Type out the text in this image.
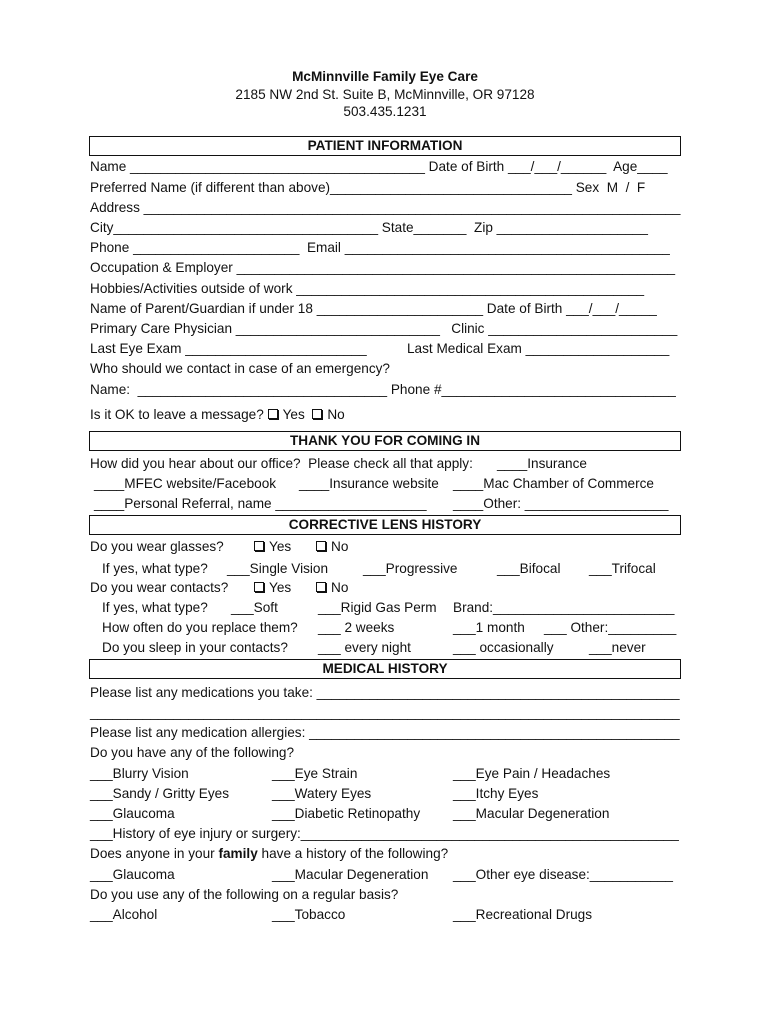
McMinnville Family Eye Care
2185 NW 2nd St. Suite B, McMinnville, OR 97128
503.435.1231
PATIENT INFORMATION
Name _______________________________________ Date of Birth ___/___/______  Age____
Preferred Name (if different than above)________________________________ Sex  M  /  F
Address _______________________________________________________________________
City___________________________________ State_______  Zip ____________________
Phone ______________________  Email ___________________________________________
Occupation & Employer __________________________________________________________
Hobbies/Activities outside of work ______________________________________________
Name of Parent/Guardian if under 18 ______________________ Date of Birth ___/___/_____
Primary Care Physician ___________________________   Clinic _________________________
Last Eye Exam ________________________	Last Medical Exam ___________________
Who should we contact in case of an emergency?
Name:  _________________________________ Phone #_______________________________
Is it OK to leave a message? Yes No
THANK YOU FOR COMING IN
How did you hear about our office?  Please check all that apply: ____Insurance
____MFEC website/Facebook ____Insurance website ____Mac Chamber of Commerce
____Personal Referral, name ____________________ ____Other: ___________________
CORRECTIVE LENS HISTORY
Do you wear glasses?	Yes	No
If yes, what type? ___Single Vision	___Progressive	___Bifocal ___Trifocal
Do you wear contacts?	Yes	No
If yes, what type? ___Soft	___Rigid Gas Perm Brand:________________________
How often do you replace them? ___ 2 weeks	___1 month ___ Other:_________
Do you sleep in your contacts? ___ every night	___ occasionally	___never
MEDICAL HISTORY
Please list any medications you take: ________________________________________________
______________________________________________________________________________
Please list any medication allergies: _________________________________________________
Do you have any of the following?
___Blurry Vision	___Eye Strain	___Eye Pain / Headaches
___Sandy / Gritty Eyes	___Watery Eyes	___Itchy Eyes
___Glaucoma	___Diabetic Retinopathy ___Macular Degeneration
___History of eye injury or surgery:__________________________________________________
Does anyone in your family have a history of the following?
___Glaucoma	___Macular Degeneration ___Other eye disease:___________
Do you use any of the following on a regular basis?
___Alcohol	___Tobacco	___Recreational Drugs
